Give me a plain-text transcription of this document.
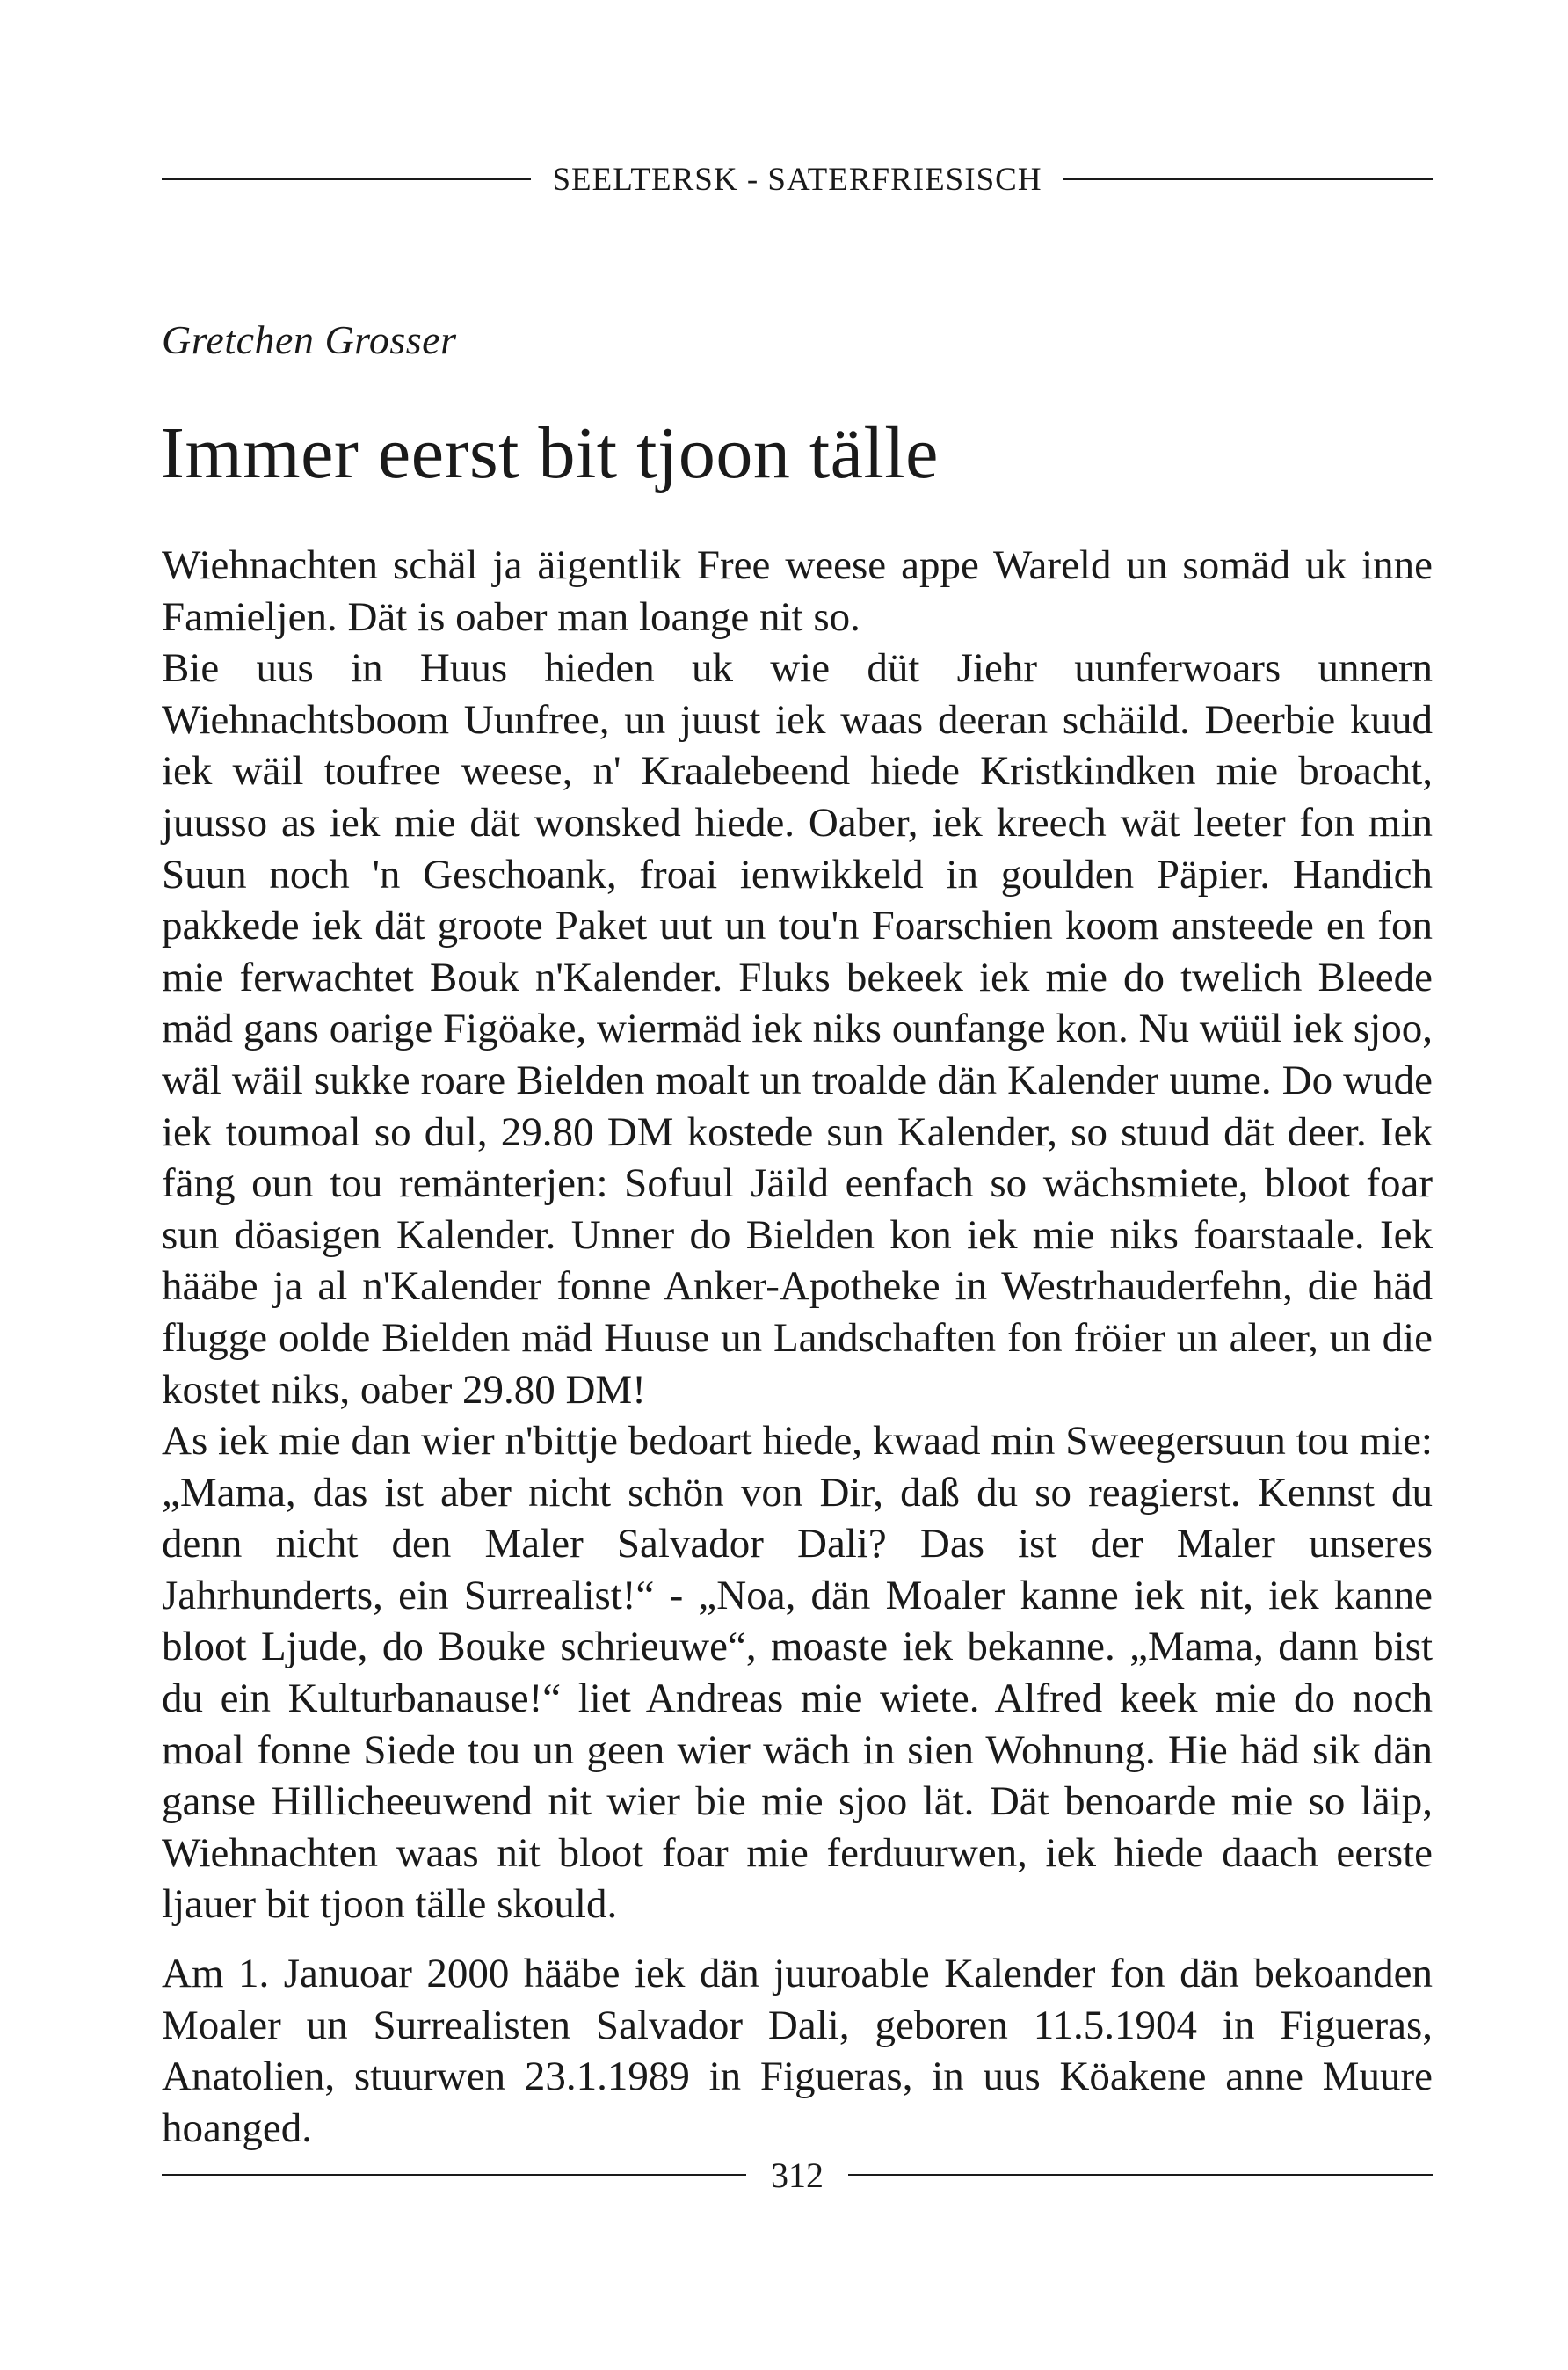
SEELTERSK - SATERFRIESISCH
Gretchen Grosser
Immer eerst bit tjoon tälle

Wiehnachten schäl ja äigentlik Free weese appe Wareld un somäd uk inne Famieljen. Dät is oaber man loange nit so.

Bie uus in Huus hieden uk wie düt Jiehr uunferwoars unnern Wiehnachtsboom Uunfree, un juust iek waas deeran schäild. Deerbie kuud iek wäil toufree weese, n' Kraalebeend hiede Kristkindken mie broacht, juusso as iek mie dät wonsked hiede. Oaber, iek kreech wät leeter fon min Suun noch 'n Geschoank, froai ienwikkeld in goulden Päpier. Handich pakkede iek dät groote Paket uut un tou'n Foarschien koom ansteede en fon mie ferwachtet Bouk n'Kalender. Fluks bekeek iek mie do twelich Bleede mäd gans oarige Figöake, wiermäd iek niks ounfange kon. Nu wüül iek sjoo, wäl wäil sukke roare Bielden moalt un troalde dän Kalender uume. Do wude iek toumoal so dul, 29.80 DM kostede sun Kalender, so stuud dät deer. Iek fäng oun tou remänterjen: Sofuul Jäild eenfach so wächsmiete, bloot foar sun döasigen Kalender. Unner do Bielden kon iek mie niks foarstaale. Iek hääbe ja al n'Kalender fonne Anker-Apotheke in Westrhauderfehn, die häd flugge oolde Bielden mäd Huuse un Landschaften fon fröier un aleer, un die kostet niks, oaber 29.80 DM!

As iek mie dan wier n'bittje bedoart hiede, kwaad min Sweegersuun tou mie: „Mama, das ist aber nicht schön von Dir, daß du so reagierst. Kennst du denn nicht den Maler Salvador Dali? Das ist der Maler unseres Jahrhunderts, ein Surrealist!“ - „Noa, dän Moaler kanne iek nit, iek kanne bloot Ljude, do Bouke schrieuwe“, moaste iek bekanne. „Mama, dann bist du ein Kulturbanause!“ liet Andreas mie wiete. Alfred keek mie do noch moal fonne Siede tou un geen wier wäch in sien Wohnung. Hie häd sik dän ganse Hillicheeuwend nit wier bie mie sjoo lät. Dät benoarde mie so läip, Wiehnachten waas nit bloot foar mie ferduurwen, iek hiede daach eerste ljauer bit tjoon tälle skould.

Am 1. Januoar 2000 hääbe iek dän juuroable Kalender fon dän bekoanden Moaler un Surrealisten Salvador Dali, geboren 11.5.1904 in Figueras, Anatolien, stuurwen 23.1.1989 in Figueras, in uus Köakene anne Muure hoanged.

312
